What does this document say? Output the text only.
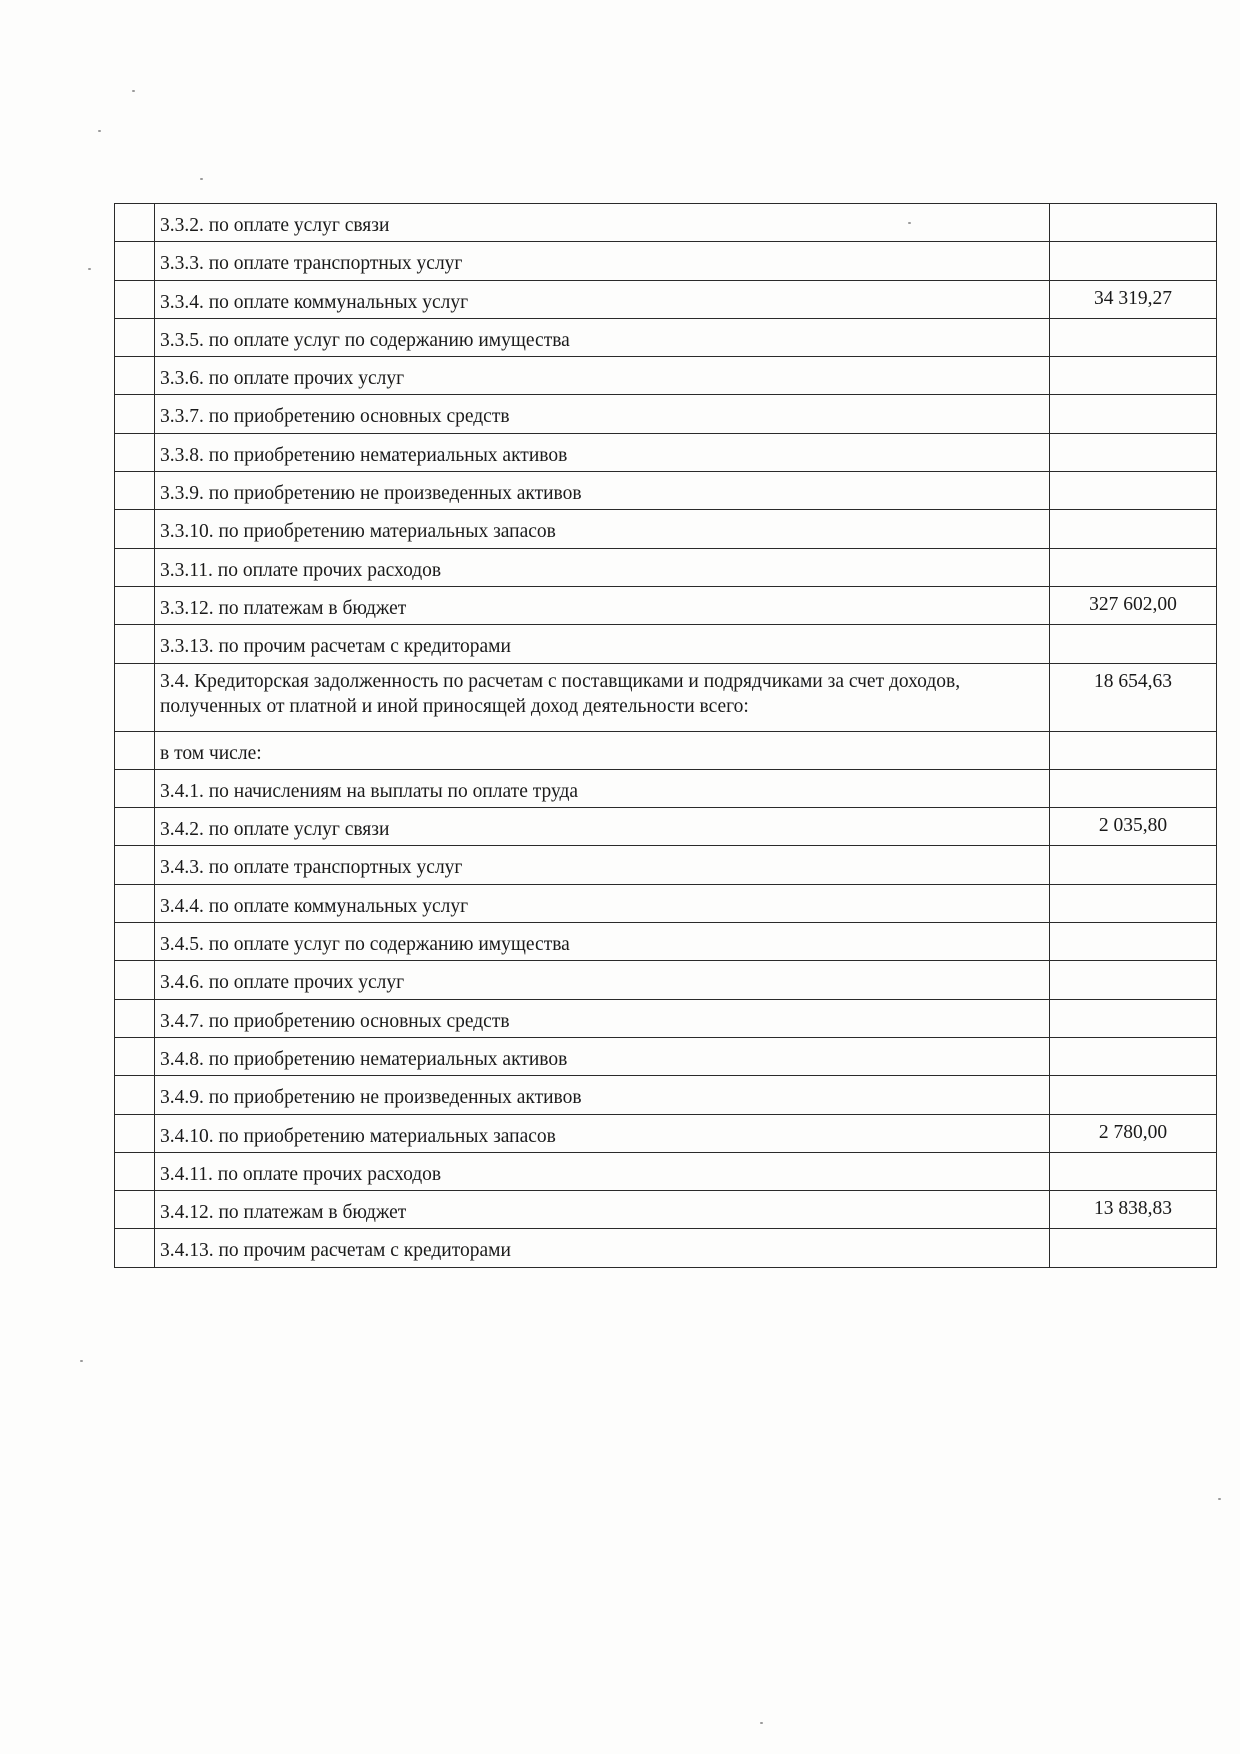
	3.3.2. по оплате услуг связи	
	3.3.3. по оплате транспортных услуг	
	3.3.4. по оплате коммунальных услуг	34 319,27
	3.3.5. по оплате услуг по содержанию имущества	
	3.3.6. по оплате прочих услуг	
	3.3.7. по приобретению основных средств	
	3.3.8. по приобретению нематериальных активов	
	3.3.9. по приобретению не произведенных активов	
	3.3.10. по приобретению материальных запасов	
	3.3.11. по оплате прочих расходов	
	3.3.12. по платежам в бюджет	327 602,00
	3.3.13. по прочим расчетам с кредиторами	
	3.4. Кредиторская задолженность по расчетам с поставщиками и подрядчиками за счет доходов, полученных от платной и иной приносящей доход деятельности всего:	18 654,63
	в том числе:	
	3.4.1. по начислениям на выплаты по оплате труда	
	3.4.2. по оплате услуг связи	2 035,80
	3.4.3. по оплате транспортных услуг	
	3.4.4. по оплате коммунальных услуг	
	3.4.5. по оплате услуг по содержанию имущества	
	3.4.6. по оплате прочих услуг	
	3.4.7. по приобретению основных средств	
	3.4.8. по приобретению нематериальных активов	
	3.4.9. по приобретению не произведенных активов	
	3.4.10. по приобретению материальных запасов	2 780,00
	3.4.11. по оплате прочих расходов	
	3.4.12. по платежам в бюджет	13 838,83
	3.4.13. по прочим расчетам с кредиторами	
